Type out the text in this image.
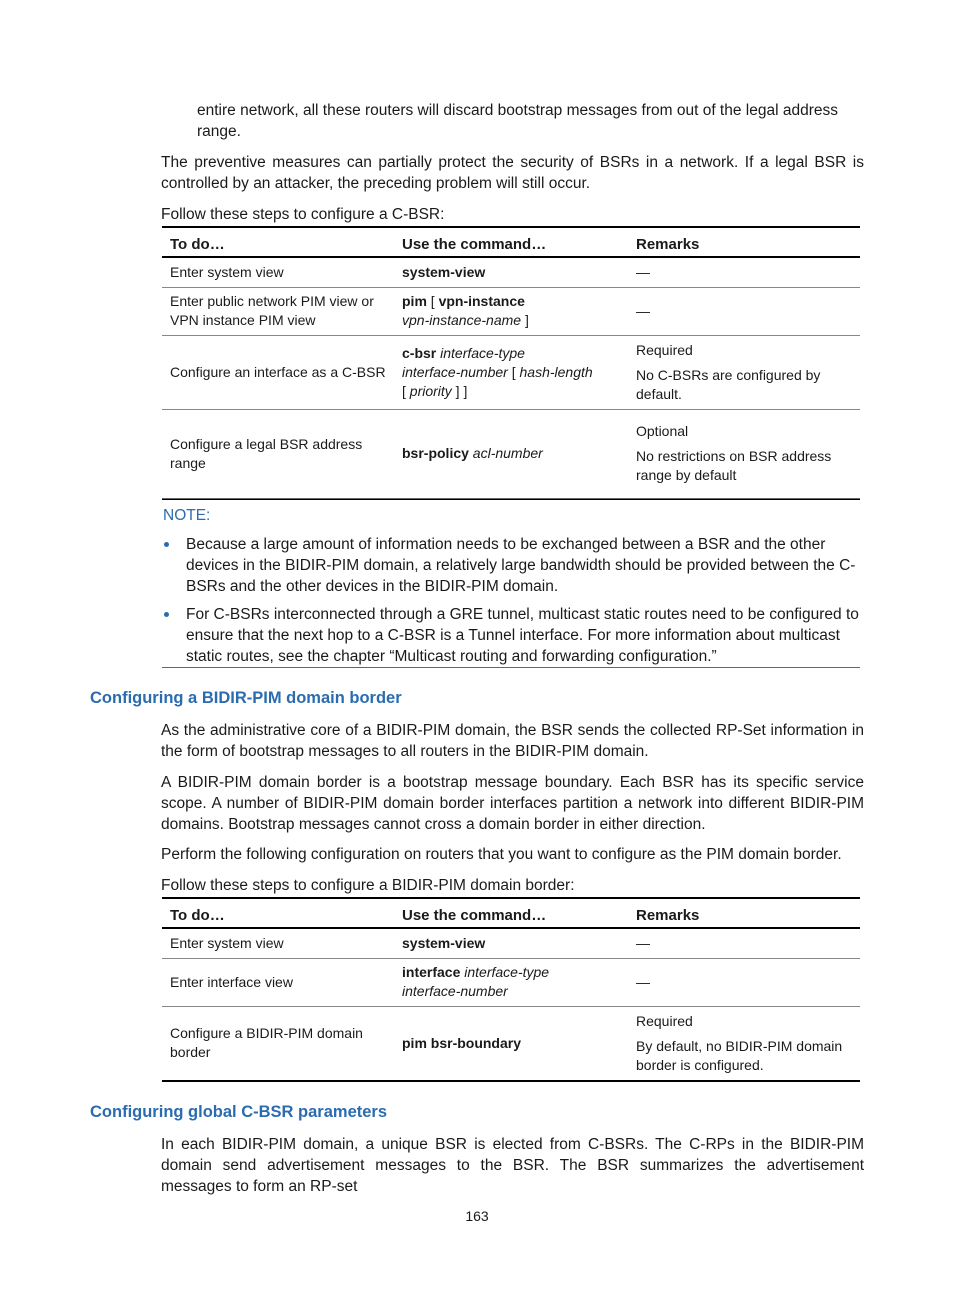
entire network, all these routers will discard bootstrap messages from out of the legal address range.
The preventive measures can partially protect the security of BSRs in a network. If a legal BSR is controlled by an attacker, the preceding problem will still occur.
Follow these steps to configure a C-BSR:
To do…	Use the command…	Remarks
Enter system view	system-view	—

Enter public network PIM view or VPN instance PIM view	pim [ vpn-instance
vpn-instance-name ]	—

Configure an interface as a C-BSR	c-bsr interface-type
interface-number [ hash-length
[ priority ] ]	Required
No C-BSRs are configured by default.

Configure a legal BSR address range	bsr-policy acl-number	Optional
No restrictions on BSR address range by default
NOTE:
Because a large amount of information needs to be exchanged between a BSR and the other devices in the BIDIR-PIM domain, a relatively large bandwidth should be provided between the C-BSRs and the other devices in the BIDIR-PIM domain.
For C-BSRs interconnected through a GRE tunnel, multicast static routes need to be configured to ensure that the next hop to a C-BSR is a Tunnel interface. For more information about multicast static routes, see the chapter “Multicast routing and forwarding configuration.”
Configuring a BIDIR-PIM domain border
As the administrative core of a BIDIR-PIM domain, the BSR sends the collected RP-Set information in the form of bootstrap messages to all routers in the BIDIR-PIM domain.
A BIDIR-PIM domain border is a bootstrap message boundary. Each BSR has its specific service scope. A number of BIDIR-PIM domain border interfaces partition a network into different BIDIR-PIM domains. Bootstrap messages cannot cross a domain border in either direction.
Perform the following configuration on routers that you want to configure as the PIM domain border.
Follow these steps to configure a BIDIR-PIM domain border:
To do…	Use the command…	Remarks
Enter system view	system-view	—

Enter interface view	interface interface-type
interface-number	—

Configure a BIDIR-PIM domain border	pim bsr-boundary	Required
By default, no BIDIR-PIM domain border is configured.
Configuring global C-BSR parameters
In each BIDIR-PIM domain, a unique BSR is elected from C-BSRs. The C-RPs in the BIDIR-PIM domain send advertisement messages to the BSR. The BSR summarizes the advertisement messages to form an RP-set
163
